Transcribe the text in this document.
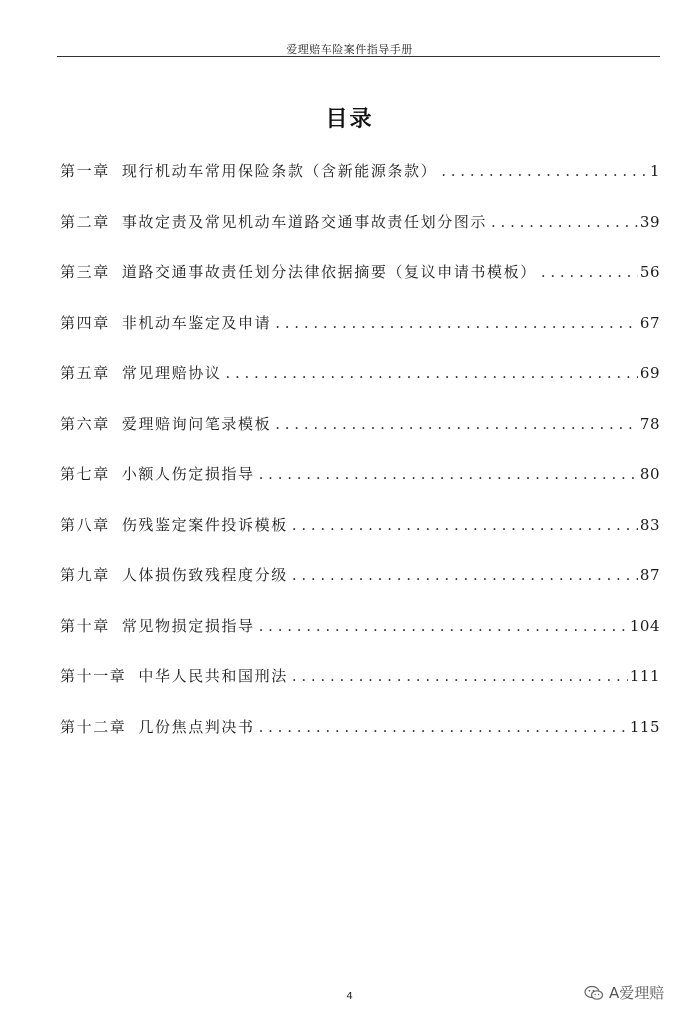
爱理赔车险案件指导手册
目录
第一章 现行机动车常用保险条款（含新能源条款） . . .	1
第二章 事故定责及常见机动车道路交通事故责任划分图示 . . .	39
第三章 道路交通事故责任划分法律依据摘要（复议申请书模板） . . .	56
第四章 非机动车鉴定及申请 . . .	67
第五章 常见理赔协议 . . .	69
第六章 爱理赔询问笔录模板 . . .	78
第七章 小额人伤定损指导 . . .	80
第八章 伤残鉴定案件投诉模板 . . .	83
第九章 人体损伤致残程度分级 . . .	87
第十章 常见物损定损指导 . . .	104
第十一章 中华人民共和国刑法 . . .	111
第十二章 几份焦点判决书 . . .	115
4	A爱理赔
